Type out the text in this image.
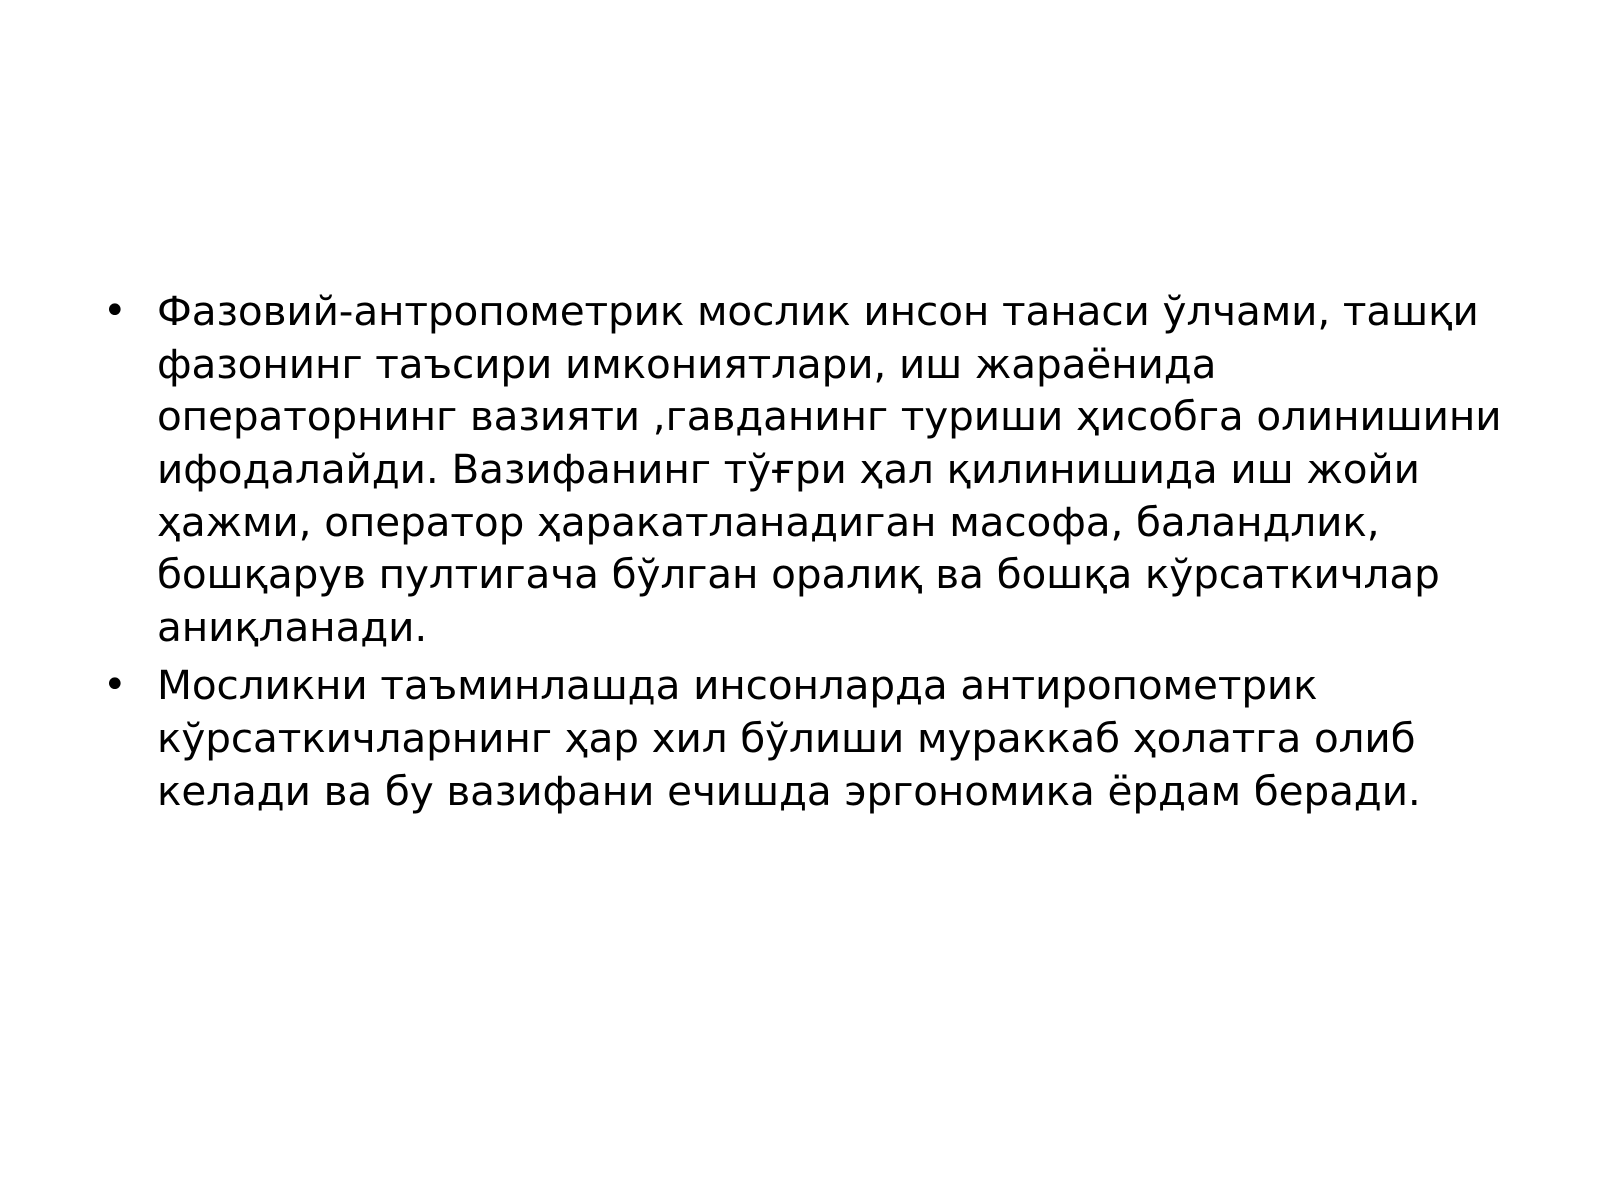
• Фазовий-антропометрик мослик инсон танаси ўлчами, ташқи фазонинг таъсири имкониятлари, иш жараёнида операторнинг вазияти ,гавданинг туриши ҳисобга олинишини ифодалайди. Вазифанинг тўғри ҳал қилинишида иш жойи ҳажми, оператор ҳаракатланадиган масофа, баландлик, бошқарув пултигача бўлган оралиқ ва бошқа кўрсаткичлар аниқланади.
• Мосликни таъминлашда инсонларда антиропометрик кўрсаткичларнинг ҳар хил бўлиши мураккаб ҳолатга олиб келади ва бу вазифани ечишда эргономика ёрдам беради.
